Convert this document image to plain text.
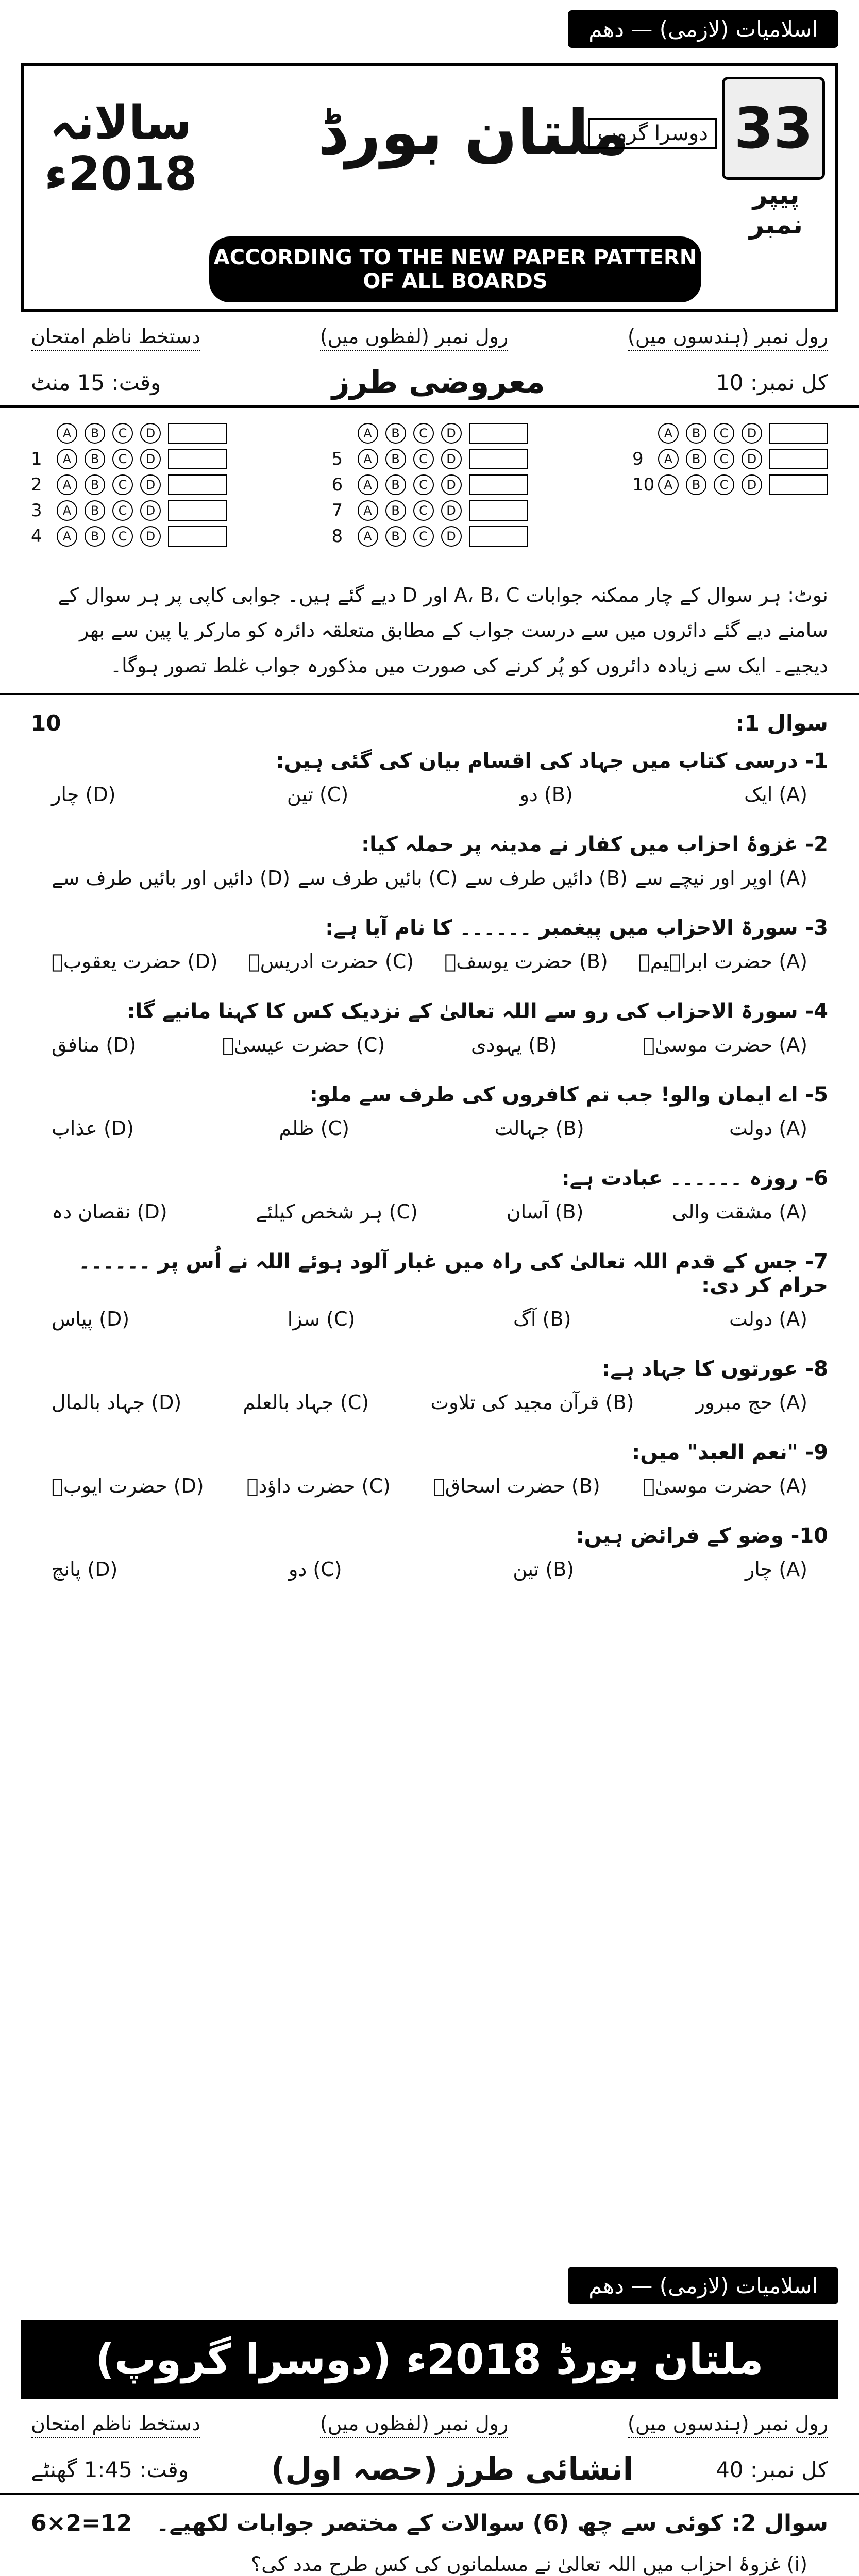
اسلامیات (لازمی) — دھم
33
پیپر نمبر
ملتان بورڈ
دوسرا گروپ
سالانہ
2018ء
ACCORDING TO THE NEW PAPER PATTERN OF ALL BOARDS
رول نمبر (ہندسوں میں)
رول نمبر (لفظوں میں)
دستخط ناظم امتحان
کل نمبر: 10
معروضی طرز
وقت: 15 منٹ
A	B	C	D
1	A	B	C	D
2	A	B	C	D
3	A	B	C	D
4	A	B	C	D
A	B	C	D
5	A	B	C	D
6	A	B	C	D
7	A	B	C	D
8	A	B	C	D
A	B	C	D
9	A	B	C	D
10 A	B	C	D
نوٹ: ہر سوال کے چار ممکنہ جوابات A، B، C اور D دیے گئے ہیں۔ جوابی کاپی پر ہر سوال کے سامنے دیے گئے دائروں میں سے درست جواب کے مطابق متعلقہ دائرہ کو مارکر یا پین سے بھر دیجیے۔ ایک سے زیادہ دائروں کو پُر کرنے کی صورت میں مذکورہ جواب غلط تصور ہوگا۔
سوال 1:
10
1- درسی کتاب میں جہاد کی اقسام بیان کی گئی ہیں:
(A) ایک
(B) دو
(C) تین
(D) چار
2- غزوۂ احزاب میں کفار نے مدینہ پر حملہ کیا:
(A) اوپر اور نیچے سے
(B) دائیں طرف سے
(C) بائیں طرف سے
(D) دائیں اور بائیں طرف سے
3- سورۃ الاحزاب میں پیغمبر ۔۔۔۔۔۔ کا نام آیا ہے:
(A) حضرت ابراہیمؑ
(B) حضرت یوسفؑ
(C) حضرت ادریسؑ
(D) حضرت یعقوبؑ
4- سورۃ الاحزاب کی رو سے اللہ تعالیٰ کے نزدیک کس کا کہنا مانیے گا:
(A) حضرت موسیٰؑ
(B) یہودی
(C) حضرت عیسیٰؑ
(D) منافق
5- اے ایمان والو! جب تم کافروں کی طرف سے ملو:
(A) دولت
(B) جہالت
(C) ظلم
(D) عذاب
6- روزہ ۔۔۔۔۔۔ عبادت ہے:
(A) مشقت والی
(B) آسان
(C) ہر شخص کیلئے
(D) نقصان دہ
7- جس کے قدم اللہ تعالیٰ کی راہ میں غبار آلود ہوئے اللہ نے اُس پر ۔۔۔۔۔۔ حرام کر دی:
(A) دولت
(B) آگ
(C) سزا
(D) پیاس
8- عورتوں کا جہاد ہے:
(A) حج مبرور
(B) قرآن مجید کی تلاوت
(C) جہاد بالعلم
(D) جہاد بالمال
9- "نعم العبد" میں:
(A) حضرت موسیٰؑ
(B) حضرت اسحاقؑ
(C) حضرت داؤدؑ
(D) حضرت ایوبؑ
10- وضو کے فرائض ہیں:
(A) چار
(B) تین
(C) دو
(D) پانچ
اسلامیات (لازمی) — دھم
ملتان بورڈ 2018ء (دوسرا گروپ)
رول نمبر (ہندسوں میں)
رول نمبر (لفظوں میں)
دستخط ناظم امتحان
کل نمبر: 40
انشائی طرز (حصہ اول)
وقت: 1:45 گھنٹے
سوال 2: کوئی سے چھ (6) سوالات کے مختصر جوابات لکھیے۔
6×2=12
(i) غزوۂ احزاب میں اللہ تعالیٰ نے مسلمانوں کی کس طرح مدد کی؟
